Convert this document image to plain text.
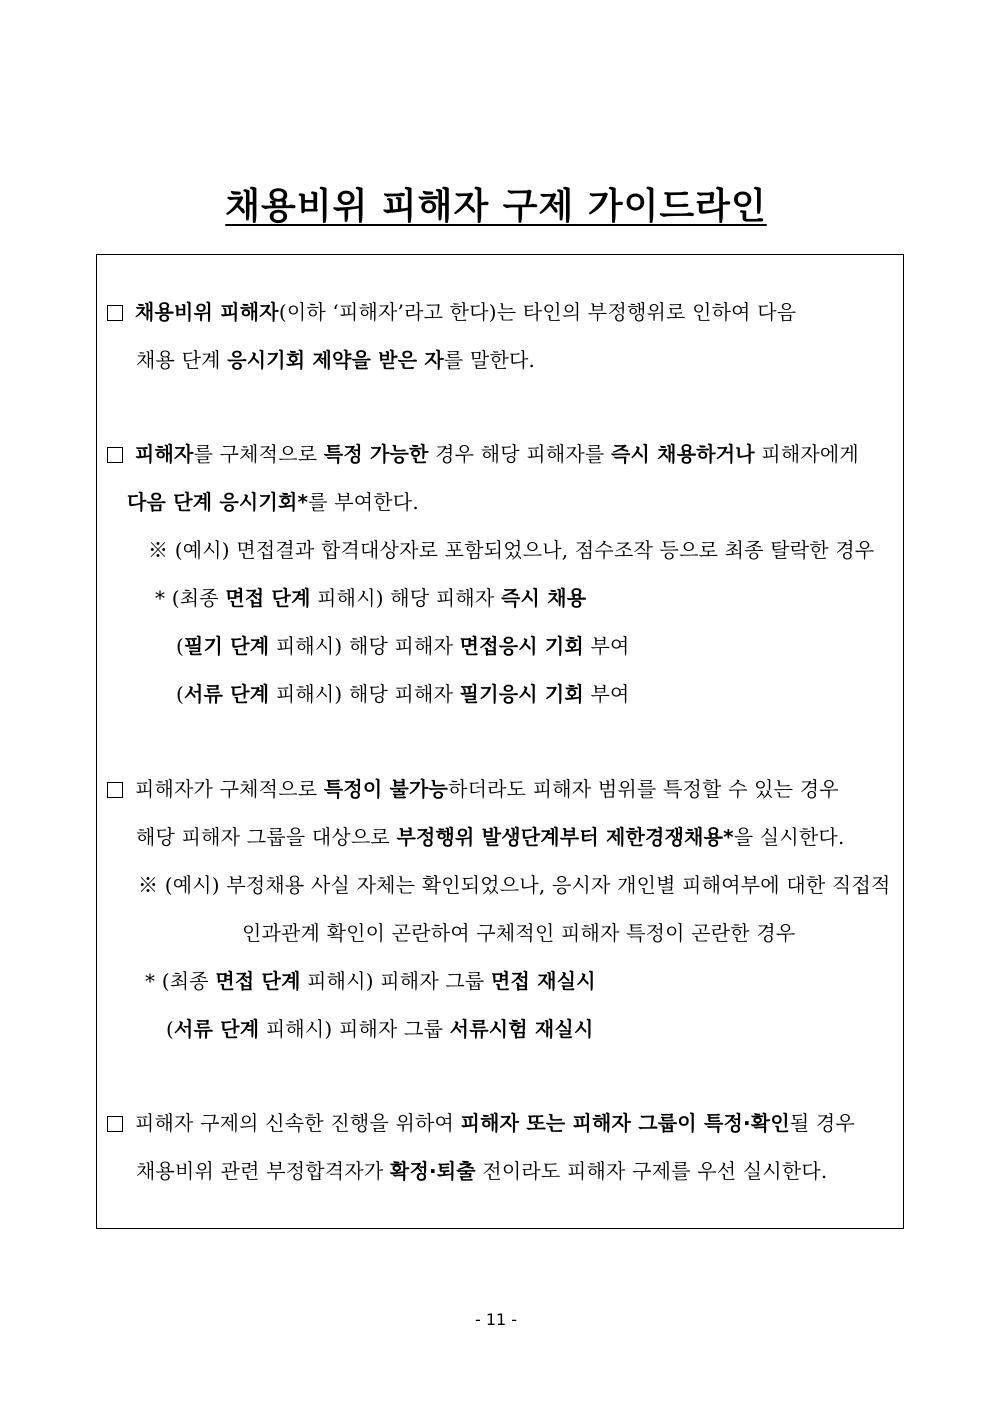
채용비위 피해자 구제 가이드라인
채용비위 피해자(이하 ‘피해자’라고 한다)는 타인의 부정행위로 인하여 다음
채용 단계 응시기회 제약을 받은 자를 말한다.
피해자를 구체적으로 특정 가능한 경우 해당 피해자를 즉시 채용하거나 피해자에게
다음 단계 응시기회*를 부여한다.
※ (예시) 면접결과 합격대상자로 포함되었으나, 점수조작 등으로 최종 탈락한 경우
* (최종 면접 단계 피해시) 해당 피해자 즉시 채용
(필기 단계 피해시) 해당 피해자 면접응시 기회 부여
(서류 단계 피해시) 해당 피해자 필기응시 기회 부여
피해자가 구체적으로 특정이 불가능하더라도 피해자 범위를 특정할 수 있는 경우
해당 피해자 그룹을 대상으로 부정행위 발생단계부터 제한경쟁채용*을 실시한다.
※ (예시) 부정채용 사실 자체는 확인되었으나, 응시자 개인별 피해여부에 대한 직접적
인과관계 확인이 곤란하여 구체적인 피해자 특정이 곤란한 경우
* (최종 면접 단계 피해시) 피해자 그룹 면접 재실시
(서류 단계 피해시) 피해자 그룹 서류시험 재실시
피해자 구제의 신속한 진행을 위하여 피해자 또는 피해자 그룹이 특정·확인될 경우
채용비위 관련 부정합격자가 확정·퇴출 전이라도 피해자 구제를 우선 실시한다.
- 11 -
